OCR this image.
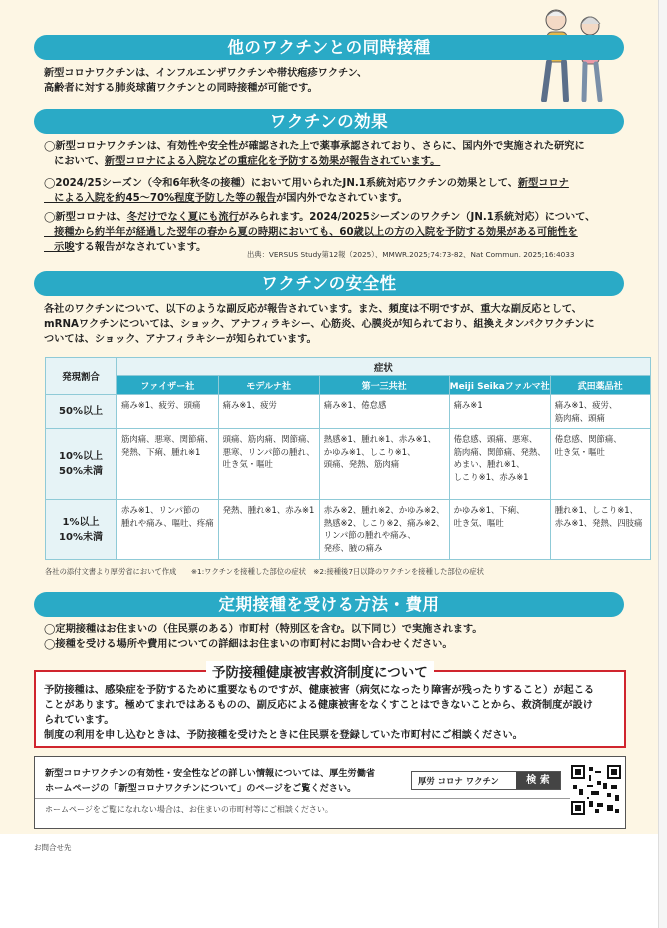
他のワクチンとの同時接種
新型コロナワクチンは、インフルエンザワクチンや帯状疱疹ワクチン、
高齢者に対する肺炎球菌ワクチンとの同時接種が可能です。
ワクチンの効果
◯新型コロナワクチンは、有効性や安全性が確認された上で薬事承認されており、さらに、国内外で実施された研究に
　において、新型コロナによる入院などの重症化を予防する効果が報告されています。
◯2024/25シーズン（令和6年秋冬の接種）において用いられたJN.1系統対応ワクチンの効果として、新型コロナ
　による入院を約45～70%程度予防した等の報告が国内外でなされています。
◯新型コロナは、冬だけでなく夏にも流行がみられます。2024/2025シーズンのワクチン（JN.1系統対応）について、
　接種から約半年が経過した翌年の春から夏の時期においても、60歳以上の方の入院を予防する効果がある可能性を
　示唆する報告がなされています。
出典：VERSUS Study第12報（2025）、MMWR.2025;74:73-82、Nat Commun. 2025;16:4033
ワクチンの安全性
各社のワクチンについて、以下のような副反応が報告されています。また、頻度は不明ですが、重大な副反応として、
mRNAワクチンについては、ショック、アナフィラキシー、心筋炎、心膜炎が知られており、組換えタンパクワクチンに
ついては、ショック、アナフィラキシーが知られています。
発現割合	症状				
	ファイザー社	モデルナ社	第一三共社	Meiji Seikaファルマ社	武田薬品社

50%以上	痛み※1、疲労、頭痛	痛み※1、疲労	痛み※1、倦怠感	痛み※1	痛み※1、疲労、
筋肉痛、頭痛

10%以上
50%未満	筋肉痛、悪寒、関節痛、
発熱、下痢、腫れ※1	頭痛、筋肉痛、関節痛、
悪寒、リンパ節の腫れ、
吐き気・嘔吐	熱感※1、腫れ※1、赤み※1、
かゆみ※1、しこり※1、
頭痛、発熱、筋肉痛	倦怠感、頭痛、悪寒、
筋肉痛、関節痛、発熱、
めまい、腫れ※1、
しこり※1、赤み※1	倦怠感、関節痛、
吐き気・嘔吐

1%以上
10%未満	赤み※1、リンパ節の
腫れや痛み、嘔吐、疼痛	発熱、腫れ※1、赤み※1	赤み※2、腫れ※2、かゆみ※2、
熱感※2、しこり※2、痛み※2、
リンパ節の腫れや痛み、
発疹、腋の痛み	かゆみ※1、下痢、
吐き気、嘔吐	腫れ※1、しこり※1、
赤み※1、発熱、四肢痛
各社の添付文書より厚労省において作成　　※1:ワクチンを接種した部位の症状　※2:接種後7日以降のワクチンを接種した部位の症状
定期接種を受ける方法・費用
◯定期接種はお住まいの（住民票のある）市町村（特別区を含む。以下同じ）で実施されます。
◯接種を受ける場所や費用についての詳細はお住まいの市町村にお問い合わせください。
予防接種健康被害救済制度について
予防接種は、感染症を予防するために重要なものですが、健康被害（病気になったり障害が残ったりすること）が起こる
ことがあります。極めてまれではあるものの、副反応による健康被害をなくすことはできないことから、救済制度が設け
られています。
制度の利用を申し込むときは、予防接種を受けたときに住民票を登録していた市町村にご相談ください。
新型コロナワクチンの有効性・安全性などの詳しい情報については、厚生労働省
ホームページの「新型コロナワクチンについて」のページをご覧ください。
厚労 コロナ ワクチン	検 索
ホームページをご覧になれない場合は、お住まいの市町村等にご相談ください。
お問合せ先
